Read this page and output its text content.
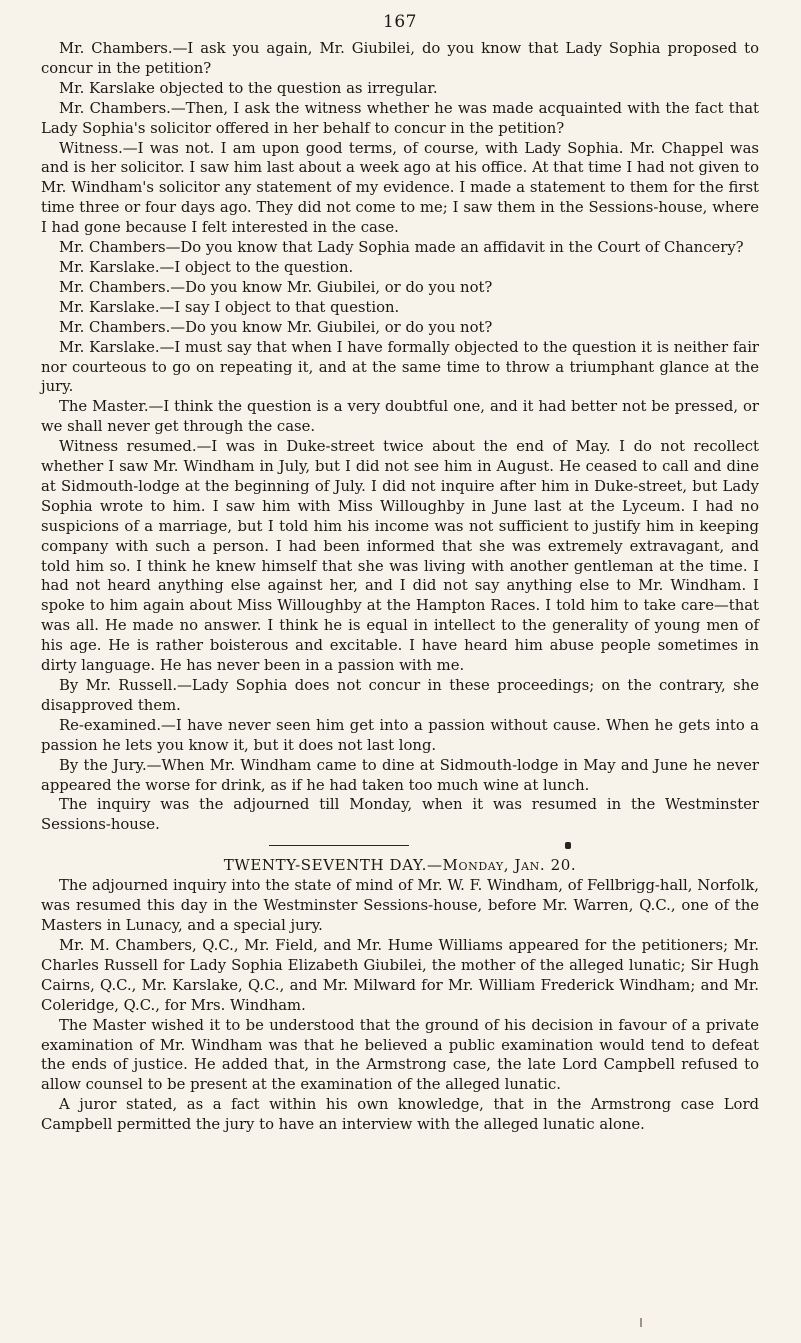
167

Mr. Chambers.—I ask you again, Mr. Giubilei, do you know that Lady Sophia proposed to concur in the petition?

Mr. Karslake objected to the question as irregular.

Mr. Chambers.—Then, I ask the witness whether he was made acquainted with the fact that Lady Sophia's solicitor offered in her behalf to concur in the petition?

Witness.—I was not. I am upon good terms, of course, with Lady Sophia. Mr. Chappel was and is her solicitor. I saw him last about a week ago at his office. At that time I had not given to Mr. Windham's solicitor any statement of my evidence. I made a statement to them for the first time three or four days ago. They did not come to me; I saw them in the Sessions-house, where I had gone because I felt interested in the case.

Mr. Chambers—Do you know that Lady Sophia made an affidavit in the Court of Chancery?

Mr. Karslake.—I object to the question.

Mr. Chambers.—Do you know Mr. Giubilei, or do you not?

Mr. Karslake.—I say I object to that question.

Mr. Chambers.—Do you know Mr. Giubilei, or do you not?

Mr. Karslake.—I must say that when I have formally objected to the question it is neither fair nor courteous to go on repeating it, and at the same time to throw a triumphant glance at the jury.

The Master.—I think the question is a very doubtful one, and it had better not be pressed, or we shall never get through the case.

Witness resumed.—I was in Duke-street twice about the end of May. I do not recollect whether I saw Mr. Windham in July, but I did not see him in August. He ceased to call and dine at Sidmouth-lodge at the beginning of July. I did not inquire after him in Duke-street, but Lady Sophia wrote to him. I saw him with Miss Willoughby in June last at the Lyceum. I had no suspicions of a marriage, but I told him his income was not sufficient to justify him in keeping company with such a person. I had been informed that she was extremely extravagant, and told him so. I think he knew himself that she was living with another gentleman at the time. I had not heard anything else against her, and I did not say anything else to Mr. Windham. I spoke to him again about Miss Willoughby at the Hampton Races. I told him to take care—that was all. He made no answer. I think he is equal in intellect to the generality of young men of his age. He is rather boisterous and excitable. I have heard him abuse people sometimes in dirty language. He has never been in a passion with me.

By Mr. Russell.—Lady Sophia does not concur in these proceedings; on the contrary, she disapproved them.

Re-examined.—I have never seen him get into a passion without cause. When he gets into a passion he lets you know it, but it does not last long.

By the Jury.—When Mr. Windham came to dine at Sidmouth-lodge in May and June he never appeared the worse for drink, as if he had taken too much wine at lunch.

The inquiry was the adjourned till Monday, when it was resumed in the Westminster Sessions-house.

TWENTY-SEVENTH DAY.—Monday, Jan. 20.

The adjourned inquiry into the state of mind of Mr. W. F. Windham, of Fellbrigg-hall, Norfolk, was resumed this day in the Westminster Sessions-house, before Mr. Warren, Q.C., one of the Masters in Lunacy, and a special jury.

Mr. M. Chambers, Q.C., Mr. Field, and Mr. Hume Williams appeared for the petitioners; Mr. Charles Russell for Lady Sophia Elizabeth Giubilei, the mother of the alleged lunatic; Sir Hugh Cairns, Q.C., Mr. Karslake, Q.C., and Mr. Milward for Mr. William Frederick Windham; and Mr. Coleridge, Q.C., for Mrs. Windham.

The Master wished it to be understood that the ground of his decision in favour of a private examination of Mr. Windham was that he believed a public examination would tend to defeat the ends of justice. He added that, in the Armstrong case, the late Lord Campbell refused to allow counsel to be present at the examination of the alleged lunatic.

A juror stated, as a fact within his own knowledge, that in the Armstrong case Lord Campbell permitted the jury to have an interview with the alleged lunatic alone.
